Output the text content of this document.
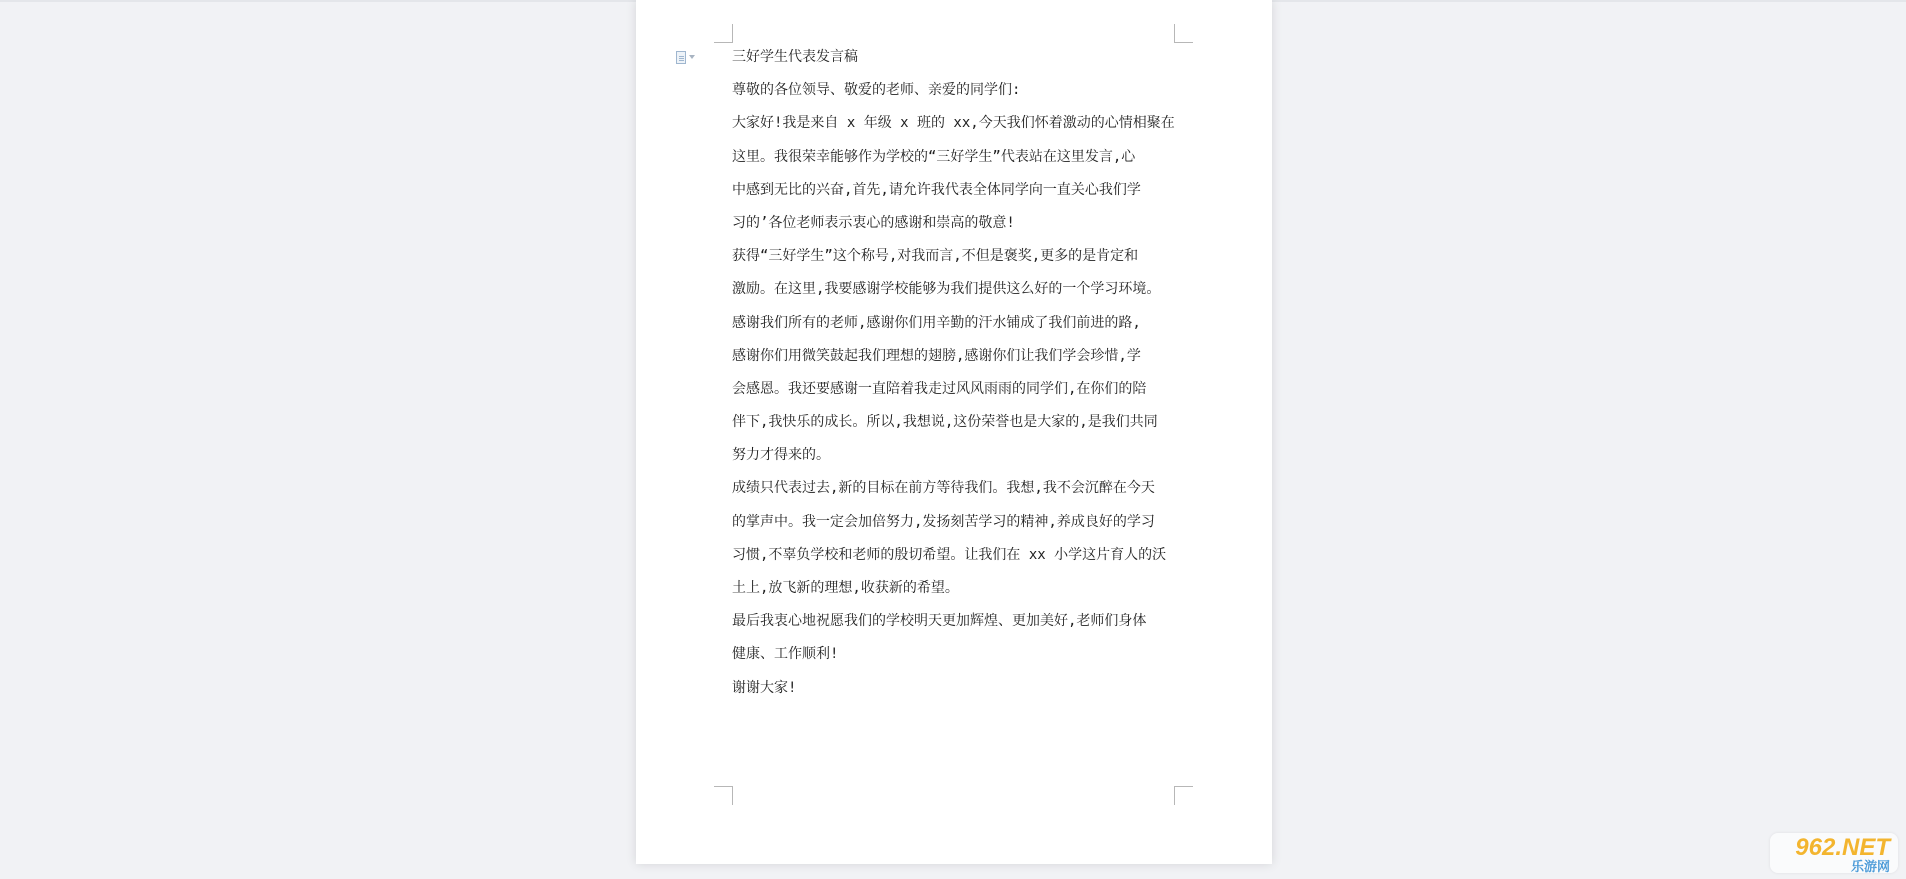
三好学生代表发言稿
尊敬的各位领导、敬爱的老师、亲爱的同学们:
大家好!我是来自 x 年级 x 班的 xx,今天我们怀着激动的心情相聚在
这里。我很荣幸能够作为学校的“三好学生”代表站在这里发言,心
中感到无比的兴奋,首先,请允许我代表全体同学向一直关心我们学
习的’各位老师表示衷心的感谢和崇高的敬意!
获得“三好学生”这个称号,对我而言,不但是褒奖,更多的是肯定和
激励。在这里,我要感谢学校能够为我们提供这么好的一个学习环境。
感谢我们所有的老师,感谢你们用辛勤的汗水铺成了我们前进的路,
感谢你们用微笑鼓起我们理想的翅膀,感谢你们让我们学会珍惜,学
会感恩。我还要感谢一直陪着我走过风风雨雨的同学们,在你们的陪
伴下,我快乐的成长。所以,我想说,这份荣誉也是大家的,是我们共同
努力才得来的。
成绩只代表过去,新的目标在前方等待我们。我想,我不会沉醉在今天
的掌声中。我一定会加倍努力,发扬刻苦学习的精神,养成良好的学习
习惯,不辜负学校和老师的殷切希望。让我们在 xx 小学这片育人的沃
土上,放飞新的理想,收获新的希望。
最后我衷心地祝愿我们的学校明天更加辉煌、更加美好,老师们身体
健康、工作顺利!
谢谢大家!
962.NET
乐游网
